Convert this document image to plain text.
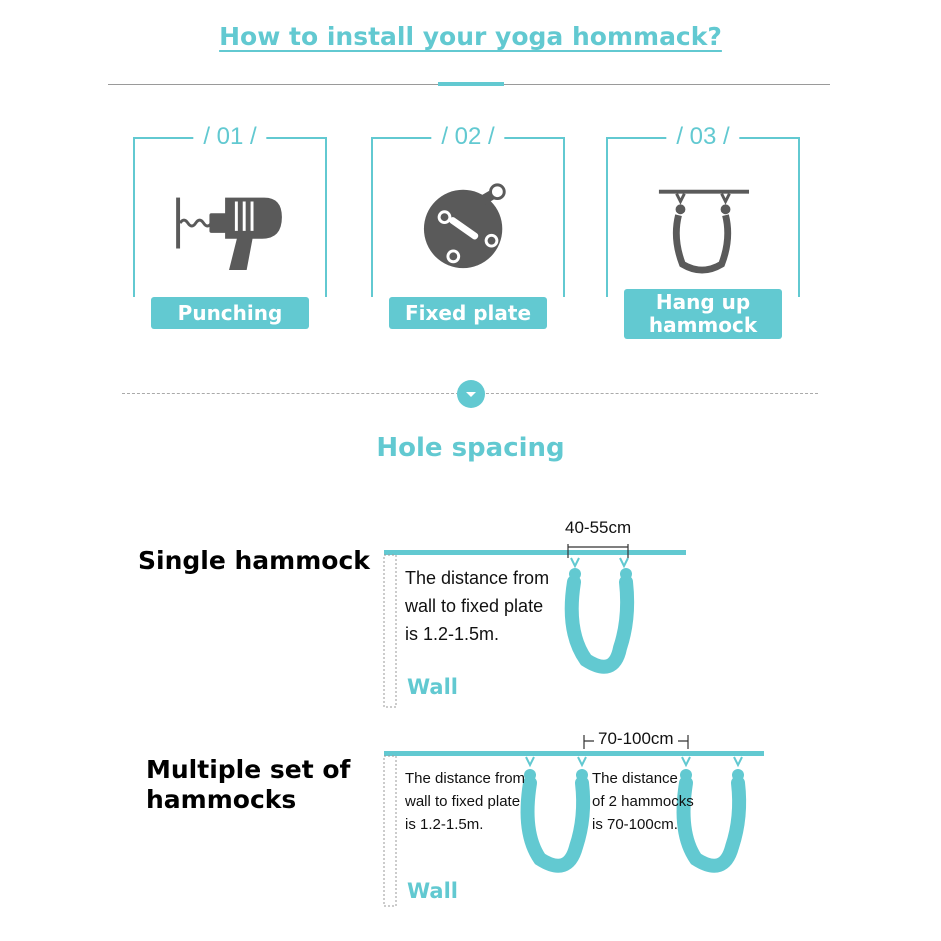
How to install your yoga hommack?
/ 01 /
Punching
/ 02 /
Fixed plate
/ 03 /
Hang up
hammock
Hole spacing
Single hammock
40-55cm
The distance from
wall to fixed plate
is 1.2-1.5m.
Wall
Multiple set of
hammocks
70-100cm
The distance from
wall to fixed plate
is 1.2-1.5m.
The distance
of 2 hammocks
is 70-100cm.
Wall
